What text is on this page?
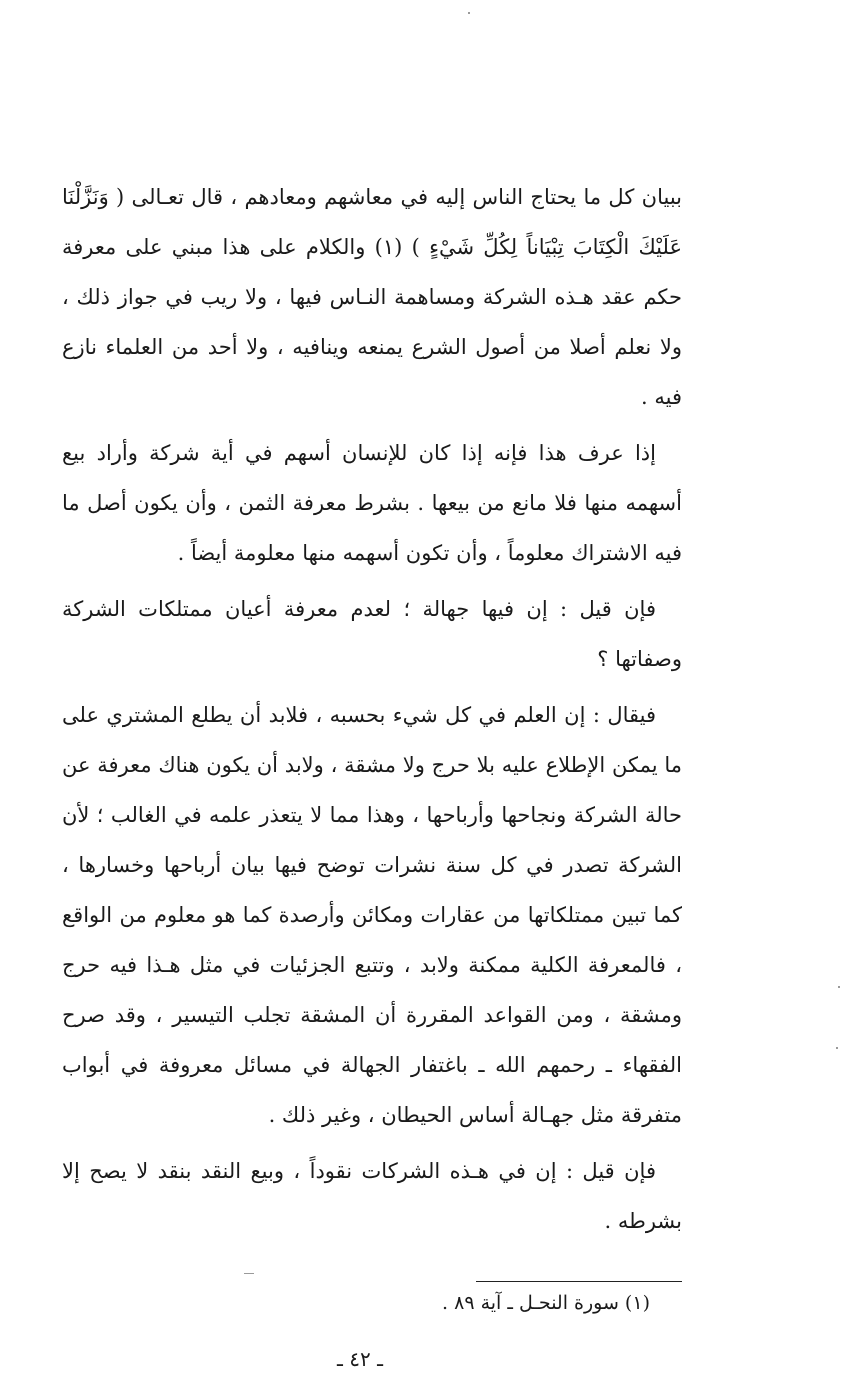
ببيان كل ما يحتاج الناس إليه في معاشهم ومعادهم ، قال تعـالى ( وَنَزَّلْنَا عَلَيْكَ الْكِتَابَ تِبْيَاناً لِكُلِّ شَيْءٍ ) (١) والكلام على هذا مبني على معرفة حكم عقد هـذه الشركة ومساهمة النـاس فيها ، ولا ريب في جواز ذلك ، ولا نعلم أصلا من أصول الشرع يمنعه وينافيه ، ولا أحد من العلماء نازع فيه .

إذا عرف هذا فإنه إذا كان للإنسان أسهم في أية شركة وأراد بيع أسهمه منها فلا مانع من بيعها . بشرط معرفة الثمن ، وأن يكون أصل ما فيه الاشتراك معلوماً ، وأن تكون أسهمه منها معلومة أيضاً .

فإن قيل : إن فيها جهالة ؛ لعدم معرفة أعيان ممتلكات الشركة وصفاتها ؟

فيقال : إن العلم في كل شيء بحسبه ، فلابد أن يطلع المشتري على ما يمكن الإطلاع عليه بلا حرج ولا مشقة ، ولابد أن يكون هناك معرفة عن حالة الشركة ونجاحها وأرباحها ، وهذا مما لا يتعذر علمه في الغالب ؛ لأن الشركة تصدر في كل سنة نشرات توضح فيها بيان أرباحها وخسارها ، كما تبين ممتلكاتها من عقارات ومكائن وأرصدة كما هو معلوم من الواقع ، فالمعرفة الكلية ممكنة ولابد ، وتتبع الجزئيات في مثل هـذا فيه حرج ومشقة ، ومن القواعد المقررة أن المشقة تجلب التيسير ، وقد صرح الفقهاء ـ رحمهم الله ـ باغتفار الجهالة في مسائل معروفة في أبواب متفرقة مثل جهـالة أساس الحيطان ، وغير ذلك .

فإن قيل : إن في هـذه الشركات نقوداً ، وبيع النقد بنقد لا يصح إلا بشرطه .

(١) سورة النحـل ـ آية ٨٩ .
ـ ٤٢ ـ
